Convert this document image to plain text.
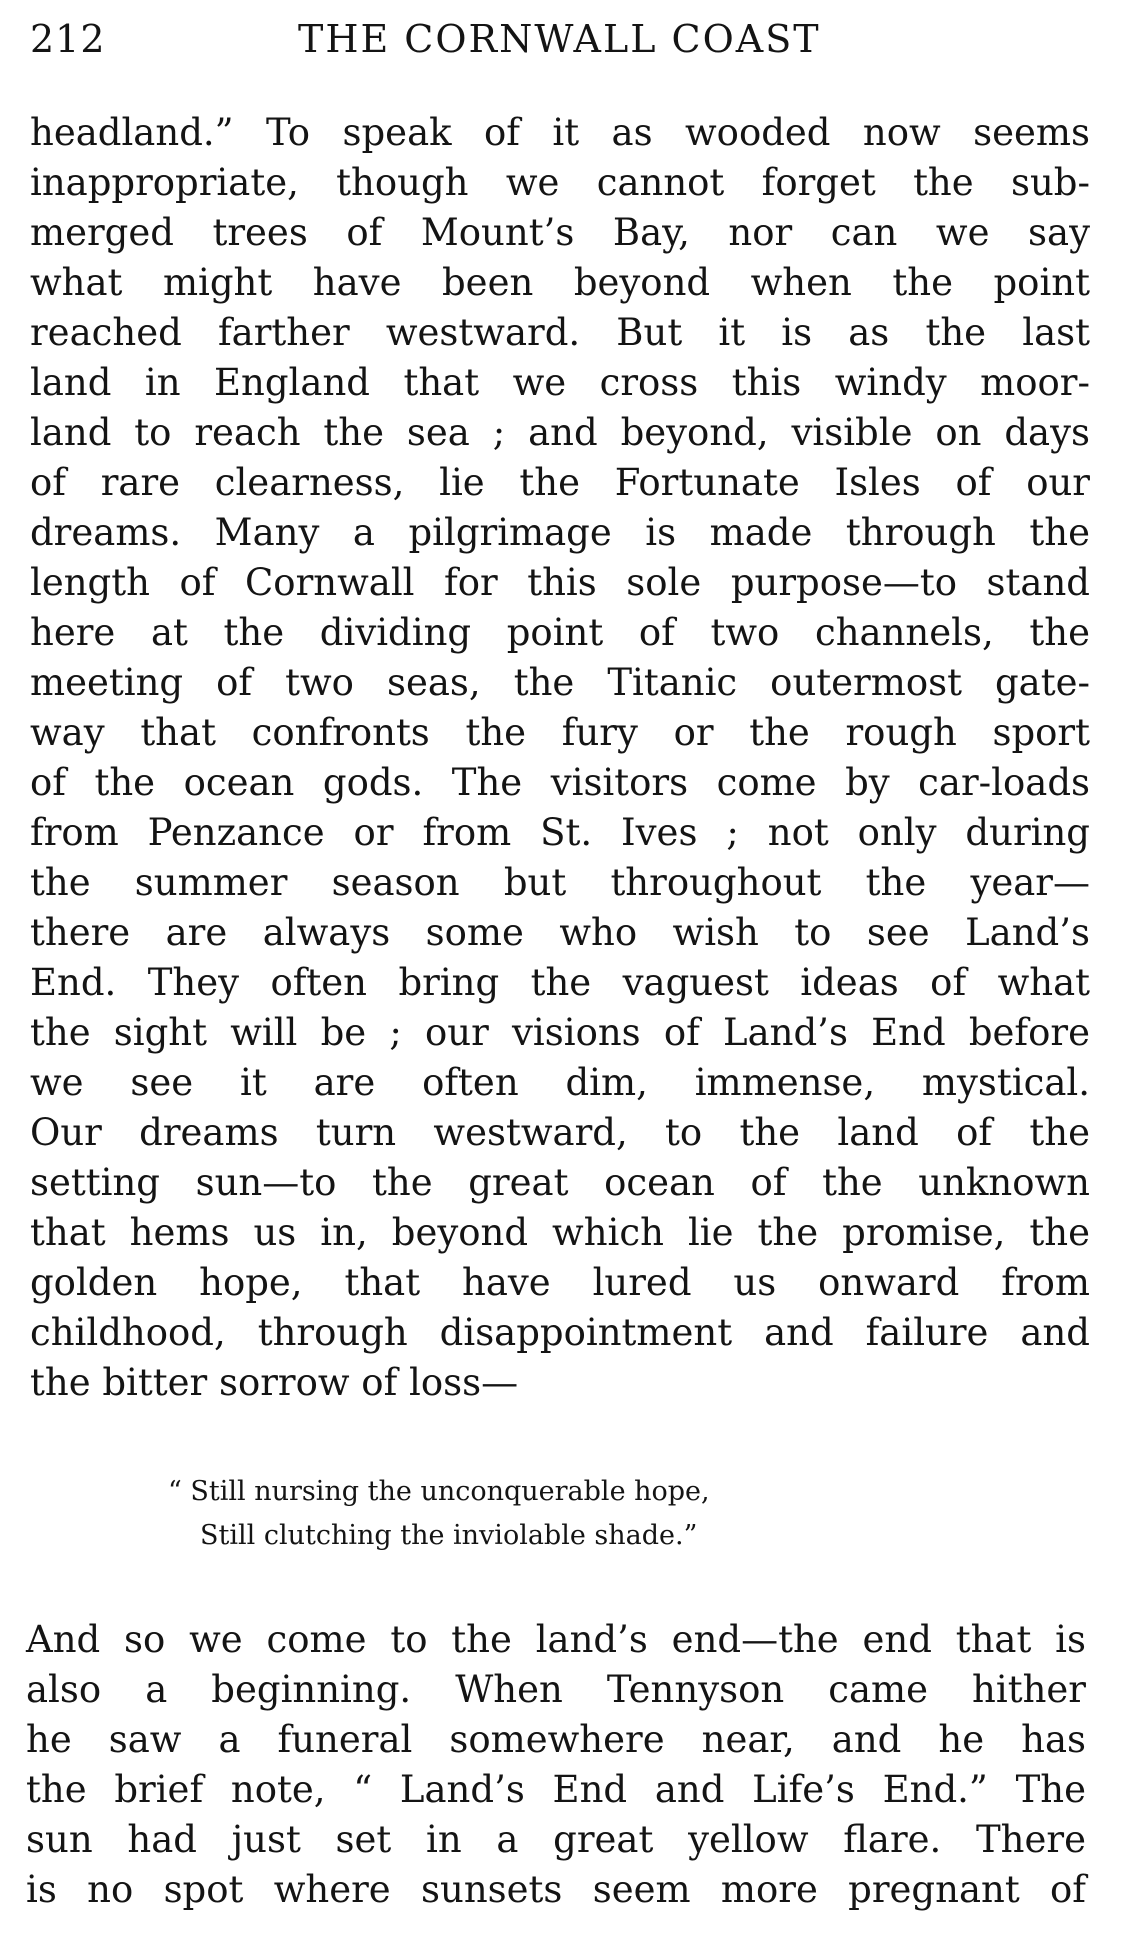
212	THE CORNWALL COAST
headland.” To speak of it as wooded now seems
inappropriate, though we cannot forget the sub-
merged trees of Mount’s Bay, nor can we say
what might have been beyond when the point
reached farther westward. But it is as the last
land in England that we cross this windy moor-
land to reach the sea ; and beyond, visible on days
of rare clearness, lie the Fortunate Isles of our
dreams. Many a pilgrimage is made through the
length of Cornwall for this sole purpose—to stand
here at the dividing point of two channels, the
meeting of two seas, the Titanic outermost gate-
way that confronts the fury or the rough sport
of the ocean gods. The visitors come by car-loads
from Penzance or from St. Ives ; not only during
the summer season but throughout the year—
there are always some who wish to see Land’s
End. They often bring the vaguest ideas of what
the sight will be ; our visions of Land’s End before
we see it are often dim, immense, mystical.
Our dreams turn westward, to the land of the
setting sun—to the great ocean of the unknown
that hems us in, beyond which lie the promise, the
golden hope, that have lured us onward from
childhood, through disappointment and failure and
the bitter sorrow of loss—
“ Still nursing the unconquerable hope,
Still clutching the inviolable shade.”
And so we come to the land’s end—the end that is
also a beginning. When Tennyson came hither
he saw a funeral somewhere near, and he has
the brief note, “ Land’s End and Life’s End.” The
sun had just set in a great yellow flare. There
is no spot where sunsets seem more pregnant of
